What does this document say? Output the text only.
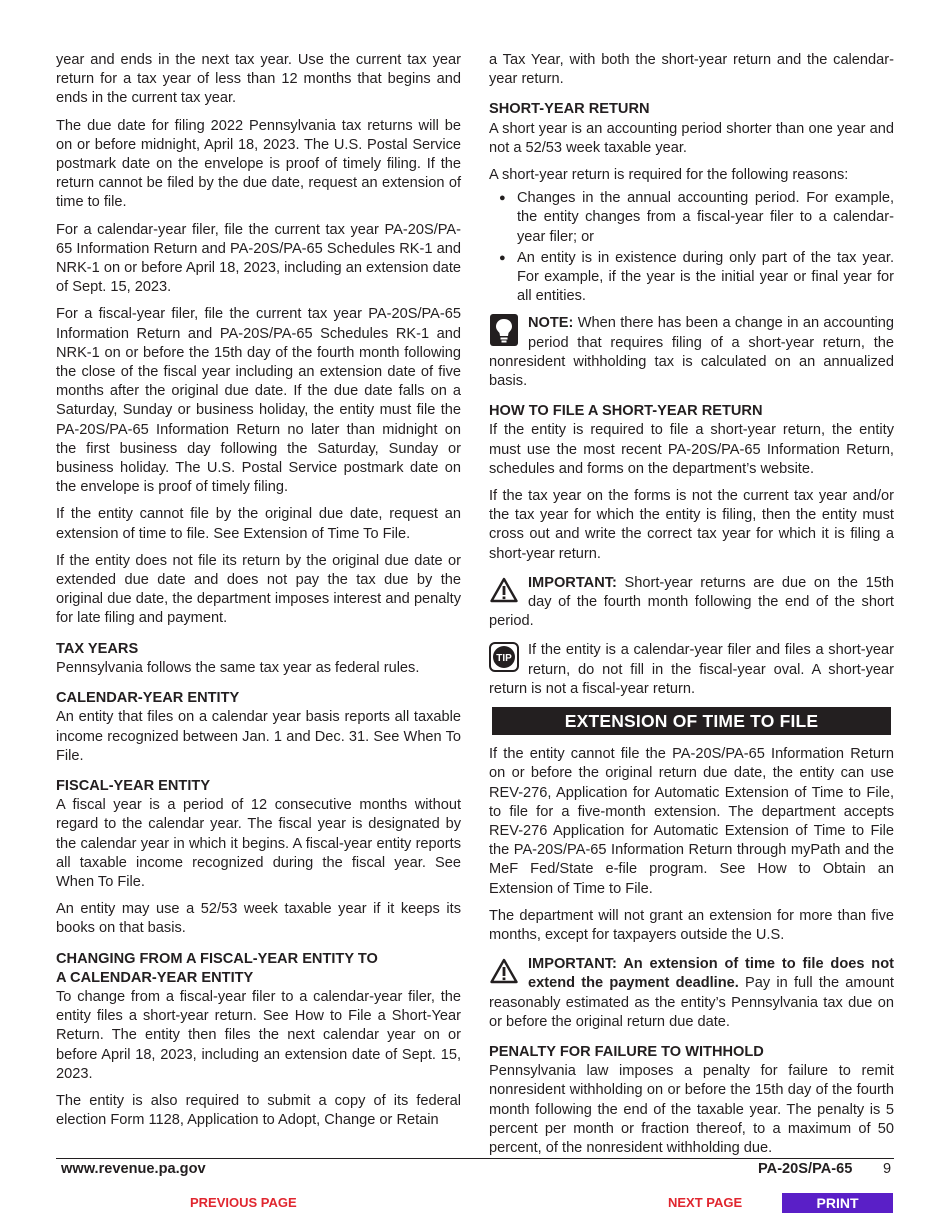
year and ends in the next tax year. Use the current tax year return for a tax year of less than 12 months that begins and ends in the current tax year.

The due date for filing 2022 Pennsylvania tax returns will be on or before midnight, April 18, 2023. The U.S. Postal Service postmark date on the envelope is proof of timely filing. If the return cannot be filed by the due date, request an extension of time to file.

For a calendar-year filer, file the current tax year PA-20S/PA-65 Information Return and PA-20S/PA-65 Schedules RK-1 and NRK-1 on or before April 18, 2023, including an extension date of Sept. 15, 2023.

For a fiscal-year filer, file the current tax year PA-20S/PA-65 Information Return and PA-20S/PA-65 Schedules RK-1 and NRK-1 on or before the 15th day of the fourth month following the close of the fiscal year including an extension date of five months after the original due date. If the due date falls on a Saturday, Sunday or business holiday, the entity must file the PA-20S/PA-65 Information Return no later than midnight on the first business day following the Saturday, Sunday or business holiday. The U.S. Postal Service postmark date on the envelope is proof of timely filing.

If the entity cannot file by the original due date, request an extension of time to file. See Extension of Time To File.

If the entity does not file its return by the original due date or extended due date and does not pay the tax due by the original due date, the department imposes interest and penalty for late filing and payment.

TAX YEARS

Pennsylvania follows the same tax year as federal rules.

CALENDAR-YEAR ENTITY

An entity that files on a calendar year basis reports all taxable income recognized between Jan. 1 and Dec. 31. See When To File.

FISCAL-YEAR ENTITY

A fiscal year is a period of 12 consecutive months without regard to the calendar year. The fiscal year is designated by the calendar year in which it begins. A fiscal-year entity reports all taxable income recognized during the fiscal year. See When To File.

An entity may use a 52/53 week taxable year if it keeps its books on that basis.

CHANGING FROM A FISCAL-YEAR ENTITY TO
A CALENDAR-YEAR ENTITY

To change from a fiscal-year filer to a calendar-year filer, the entity files a short-year return. See How to File a Short-Year Return. The entity then files the next calendar year on or before April 18, 2023, including an extension date of Sept. 15, 2023.

The entity is also required to submit a copy of its federal election Form 1128, Application to Adopt, Change or Retain

a Tax Year, with both the short-year return and the calendar-year return.

SHORT-YEAR RETURN

A short year is an accounting period shorter than one year and not a 52/53 week taxable year.

A short-year return is required for the following reasons:

● Changes in the annual accounting period. For example, the entity changes from a fiscal-year filer to a calendar-year filer; or
● An entity is in existence during only part of the tax year. For example, if the year is the initial year or final year for all entities.

NOTE: When there has been a change in an accounting period that requires filing of a short-year return, the nonresident withholding tax is calculated on an annualized basis.

HOW TO FILE A SHORT-YEAR RETURN

If the entity is required to file a short-year return, the entity must use the most recent PA-20S/PA-65 Information Return, schedules and forms on the department’s website.

If the tax year on the forms is not the current tax year and/or the tax year for which the entity is filing, then the entity must cross out and write the correct tax year for which it is filing a short-year return.

IMPORTANT: Short-year returns are due on the 15th day of the fourth month following the end of the short period.

TIP
If the entity is a calendar-year filer and files a short-year return, do not fill in the fiscal-year oval. A short-year return is not a fiscal-year return.

EXTENSION OF TIME TO FILE

If the entity cannot file the PA-20S/PA-65 Information Return on or before the original return due date, the entity can use REV-276, Application for Automatic Extension of Time to File, to file for a five-month extension. The department accepts REV-276 Application for Automatic Extension of Time to File the PA-20S/PA-65 Information Return through myPath and the MeF Fed/State e-file program. See How to Obtain an Extension of Time to File.

The department will not grant an extension for more than five months, except for taxpayers outside the U.S.

IMPORTANT: An extension of time to file does not extend the payment deadline. Pay in full the amount reasonably estimated as the entity’s Pennsylvania tax due on or before the original return due date.

PENALTY FOR FAILURE TO WITHHOLD

Pennsylvania law imposes a penalty for failure to remit nonresident withholding on or before the 15th day of the fourth month following the end of the taxable year. The penalty is 5 percent per month or fraction thereof, to a maximum of 50 percent, of the nonresident withholding due.

www.revenue.pa.gov	PA-20S/PA-65 9
PREVIOUS PAGE	NEXT PAGE	PRINT
